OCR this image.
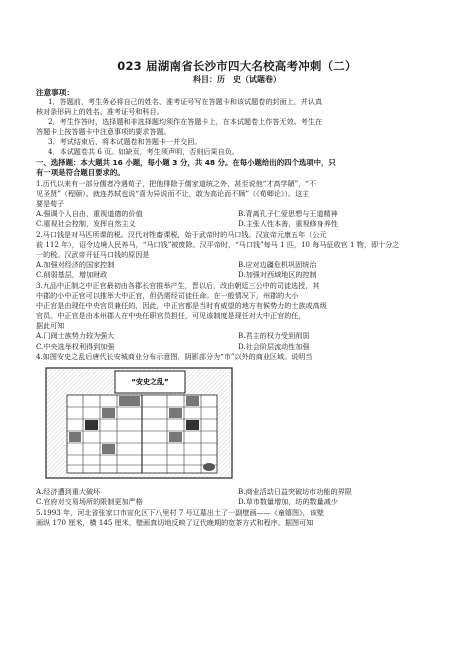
023 届湖南省长沙市四大名校高考冲刺（二）
科目：历　史（试题卷）
注意事项：

1．答题前，考生务必将自己的姓名、准考证号写在答题卡和该试题卷的封面上，并认真

核对条形码上的姓名、准考证号和科目。

2．考生作答时，选择题和非选择题均须作在答题卡上，在本试题卷上作答无效。考生在

答题卡上按答题卡中注意事项的要求答题。

3．考试结束后，将本试题卷和答题卡一并交回。

4．本试题卷共 6 页。如缺页，考生须声明，否则后果自负。

一、选择题：本大题共 16 小题，每小题 3 分，共 48 分。在每小题给出的四个选项中，只

有一项是符合题目要求的。

1.历代以来有一部分儒者冷遇荀子，把他排除于儒家道统之外，甚至说他“才高学陋”，“不

见圣贤”（程颐）。就连苏轼也说“喜为异说而不让，敢为高论而不顾”（《荀卿论》）。这主

要是荀子

A.强调个人自由，重视道德的价值	B.背离孔子仁爱思想与王道精神
C.重视社会控制，发挥自然主义	D.主张人性本善，重视修身养性

2.马口钱是对马匹所课的税。汉代对牲畜课税，始于武帝时的马口钱。汉宣帝元康五年（公元

前 112 年），诏令边境人民养马，“马口钱”被废除。汉平帝时，“马口钱”每马 1 匹，10 每马征收官 1 物，即十分之

一的税。汉武帝开征马口钱的原因是

A.加强对经济的国家控制	B.应对边疆危机巩固统治
C.削弱基层，增加财政	D.加强对西域地区的控制

3.九品中正制之中正官最初由各郡长官推举产生，晋以后，改由朝廷三公中的司徒选授，其

中郡的小中正官可以推举大中正官，但仍需经司徒任命。在一般情况下，州郡的大小

中正官是由现任中央官员兼任的，因此，中正官都是当时有威望的地方有候势力的士族或高级

官员。中正官是由本州郡人在中央任职官员担任，可见该制度是现任对大中正官的任，

据此可知

A.门阀士族势力较为强大	B.君主的权力受到削弱
C.中央选举权利得到加强	D.社会阶层流动性加强

4.如图安史之乱后唐代长安城商业分布示意图，阴影部分为“市”以外的商业区域。说明当

“安史之乱”
A.经济遭到重大破坏	B.商业活动日益突破坊市功能的界限
C.官府对交易场所的限制更加严格	D.草市数量增加，坊的数量减少

5.1993 年，河北省张家口市宣化区下八里村 7 号辽墓出土了一副壁画——《童嬉图》，该壁

画纵 170 厘米，横 145 厘米，壁画真切地反映了辽代晚期的宽茶方式和程序。据图可知
